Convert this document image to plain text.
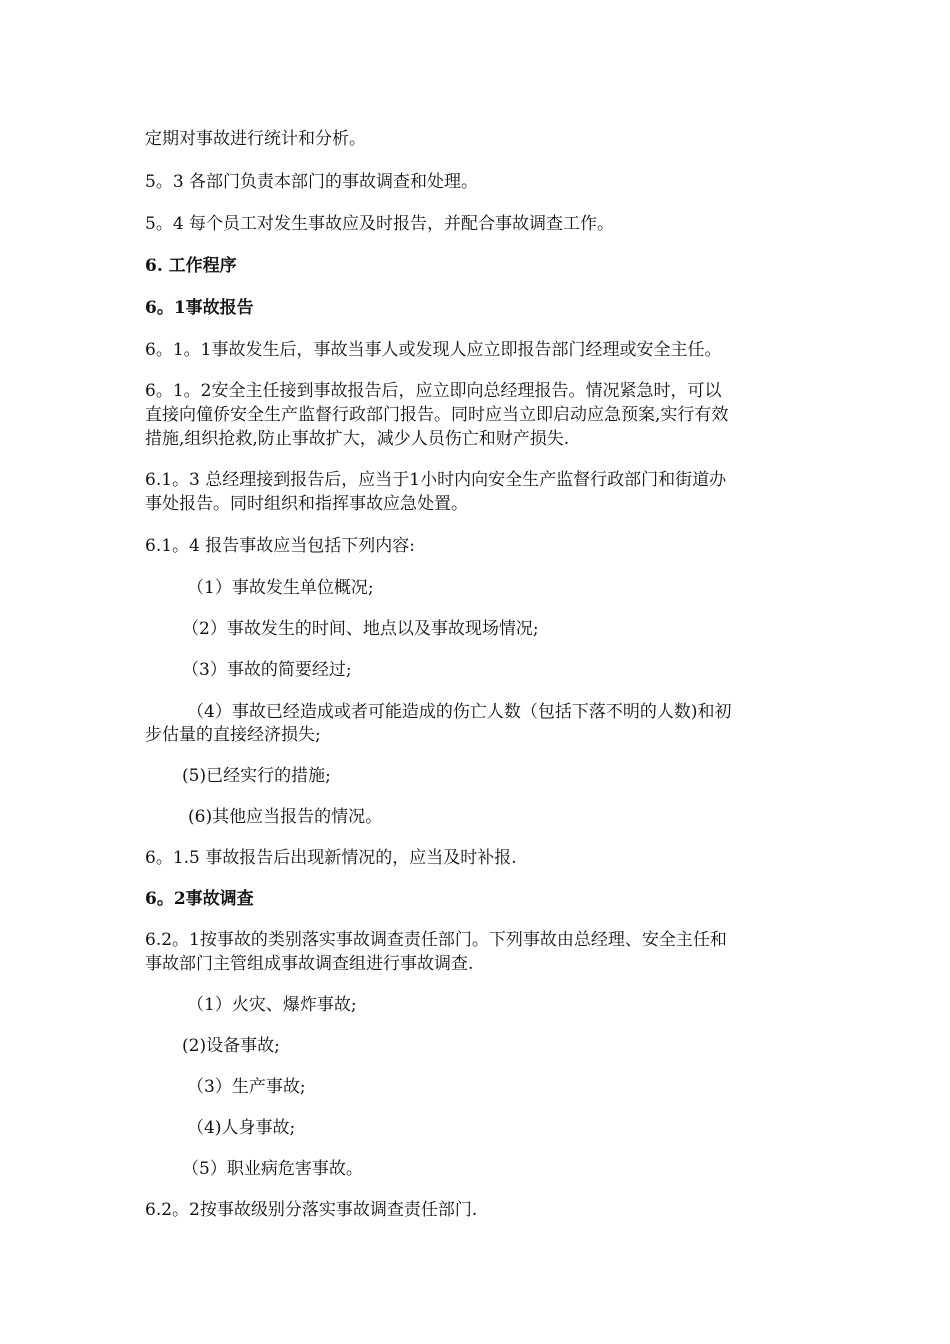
定期对事故进行统计和分析。
5。3 各部门负责本部门的事故调查和处理。
5。4 每个员工对发生事故应及时报告，并配合事故调查工作。
6. 工作程序
6。1事故报告
6。1。1事故发生后，事故当事人或发现人应立即报告部门经理或安全主任。
6。1。2安全主任接到事故报告后，应立即向总经理报告。情况紧急时，可以
直接向僮侨安全生产监督行政部门报告。同时应当立即启动应急预案,实行有效
措施,组织抢救,防止事故扩大，减少人员伤亡和财产损失.
6.1。3 总经理接到报告后，应当于1小时内向安全生产监督行政部门和街道办
事处报告。同时组织和指挥事故应急处置。
6.1。4 报告事故应当包括下列内容:
（1）事故发生单位概况;
（2）事故发生的时间、地点以及事故现场情况;
（3）事故的简要经过;
（4）事故已经造成或者可能造成的伤亡人数（包括下落不明的人数)和初
步估量的直接经济损失;
(5)已经实行的措施;
(6)其他应当报告的情况。
6。1.5 事故报告后出现新情况的，应当及时补报.
6。2事故调查
6.2。1按事故的类别落实事故调查责任部门。下列事故由总经理、安全主任和
事故部门主管组成事故调查组进行事故调查.
（1）火灾、爆炸事故;
(2)设备事故;
（3）生产事故;
（4)人身事故;
（5）职业病危害事故。
6.2。2按事故级别分落实事故调查责任部门.
